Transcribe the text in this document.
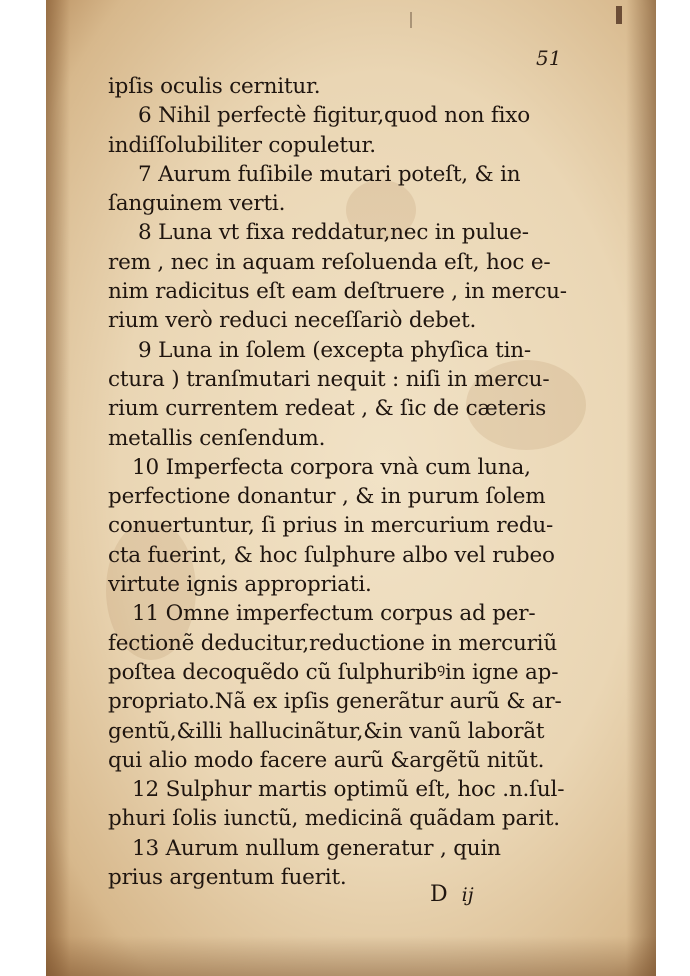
51
ipſis oculis cernitur.
6 Nihil perfectè figitur,quod non fixo
indiſſolubiliter copuletur.
7 Aurum fuſibile mutari poteſt, & in
ſanguinem verti.
8 Luna vt fixa reddatur,nec in pulue-
rem , nec in aquam reſoluenda eſt, hoc e-
nim radicitus eſt eam deſtruere , in mercu-
rium verò reduci neceſſariò debet.
9 Luna in ſolem (excepta phyſica tin-
ctura ) tranſmutari nequit : niſi in mercu-
rium currentem redeat , & ſic de cæteris
metallis cenſendum.
10 Imperfecta corpora vnà cum luna,
perfectione donantur , & in purum ſolem
conuertuntur, ſi prius in mercurium redu-
cta fuerint, & hoc ſulphure albo vel rubeo
virtute ignis appropriati.
11 Omne imperfectum corpus ad per-
fectionẽ deducitur,reductione in mercuriũ
poſtea decoquẽdo cũ ſulphuribꝰin igne ap-
propriato.Nã ex ipſis generãtur aurũ & ar-
gentũ,&illi hallucinãtur,&in vanũ laborãt
qui alio modo facere aurũ &argẽtũ nitũt.
12 Sulphur martis optimũ eſt, hoc .n.ſul-
phuri ſolis iunctũ, medicinã quãdam parit.
13 Aurum nullum generatur , quin
prius argentum fuerit.
D ij
